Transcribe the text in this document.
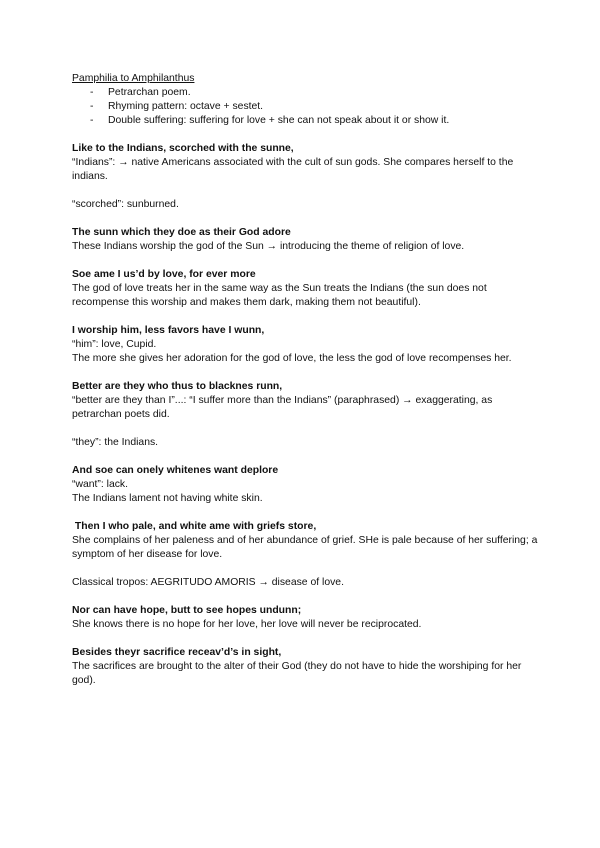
Pamphilia to Amphilanthus

- Petrarchan poem.
- Rhyming pattern: octave + sestet.
- Double suffering: suffering for love + she can not speak about it or show it.

Like to the Indians, scorched with the sunne,

“Indians”: → native Americans associated with the cult of sun gods. She compares herself to the indians.

“scorched”: sunburned.

The sunn which they doe as their God adore

These Indians worship the god of the Sun → introducing the theme of religion of love.

Soe ame I us’d by love, for ever more

The god of love treats her in the same way as the Sun treats the Indians (the sun does not recompense this worship and makes them dark, making them not beautiful).

I worship him, less favors have I wunn,

“him”: love, Cupid.

The more she gives her adoration for the god of love, the less the god of love recompenses her.

Better are they who thus to blacknes runn,

“better are they than I”...: “I suffer more than the Indians” (paraphrased) → exaggerating, as petrarchan poets did.

“they”: the Indians.

And soe can onely whitenes want deplore

“want”: lack.

The Indians lament not having white skin.

Then I who pale, and white ame with griefs store,

She complains of her paleness and of her abundance of grief. SHe is pale because of her suffering; a symptom of her disease for love.

Classical tropos: AEGRITUDO AMORIS → disease of love.

Nor can have hope, butt to see hopes undunn;

She knows there is no hope for her love, her love will never be reciprocated.

Besides theyr sacrifice receav’d’s in sight,

The sacrifices are brought to the alter of their God (they do not have to hide the worshiping for her god).
